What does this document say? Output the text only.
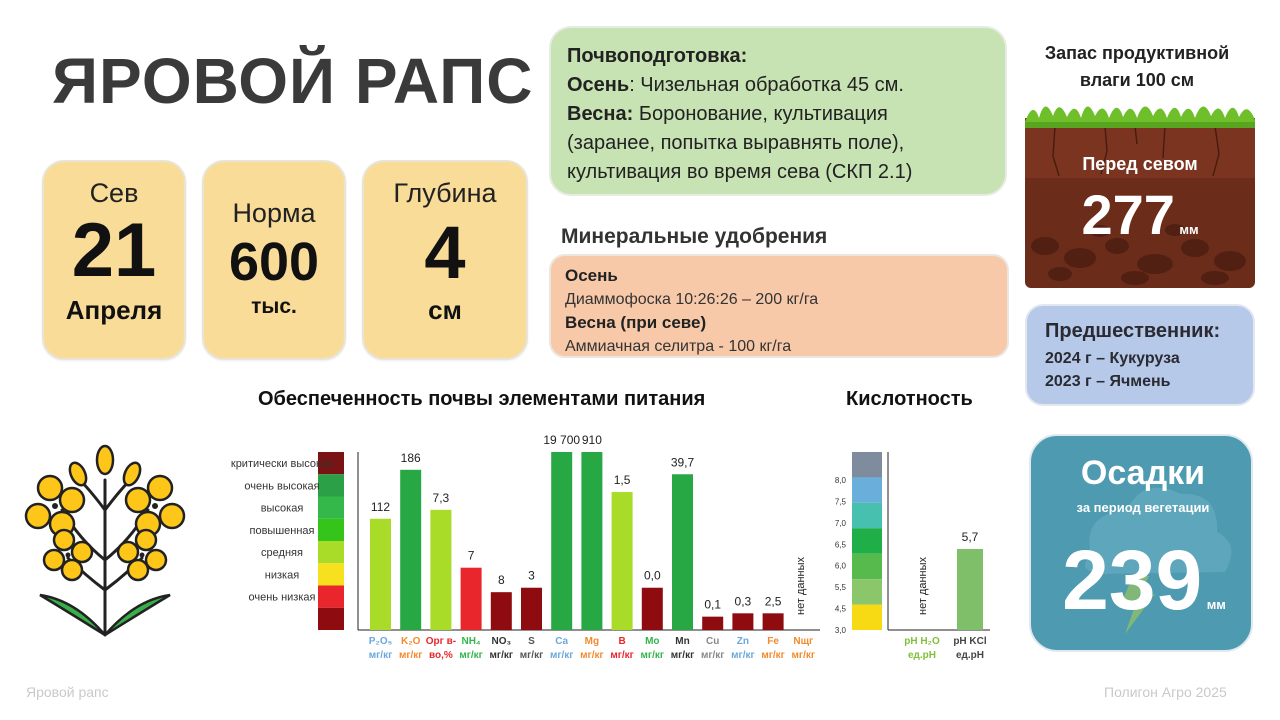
ЯРОВОЙ РАПС
Сев
21
Апреля
Норма
600
тыс.
Глубина
4
см
Почвоподготовка:
Осень: Чизельная обработка 45 см.
Весна: Боронование, культивация
(заранее, попытка выравнять поле),
культивация во время сева (СКП 2.1)
Минеральные удобрения
Осень
Диаммофоска 10:26:26 – 200 кг/га
Весна (при севе)
Аммиачная селитра - 100 кг/га
Запас продуктивной
влаги 100 см
Перед севом
277 мм
Предшественник:
2024 г – Кукуруза
2023 г – Ячмень
Осадки
за период вегетации
239 мм
Обеспеченность почвы элементами питания	Кислотность
критически высокая
очень высокая
высокая
повышенная
средняя
низкая
очень низкая
112
P₂O₅
мг/кг
186
K₂O
мг/кг
7,3
Орг в-
во,%
7
NH₄
мг/кг
8
NO₃
мг/кг
3
S
мг/кг
19 700
Ca
мг/кг
910
Mg
мг/кг
1,5
B
мг/кг
0,0
Mo
мг/кг
39,7
Mn
мг/кг
0,1
Cu
мг/кг
0,3
Zn
мг/кг
2,5
Fe
мг/кг
Nщг
мг/кг
8,0
7,5
7,0
6,5
6,0
5,5
4,5
3,0
нет данных	нет данных
pH H₂O
ед.pH
5,7
pH KCl
ед.pH
Яровой рапс	Полигон Агро 2025
